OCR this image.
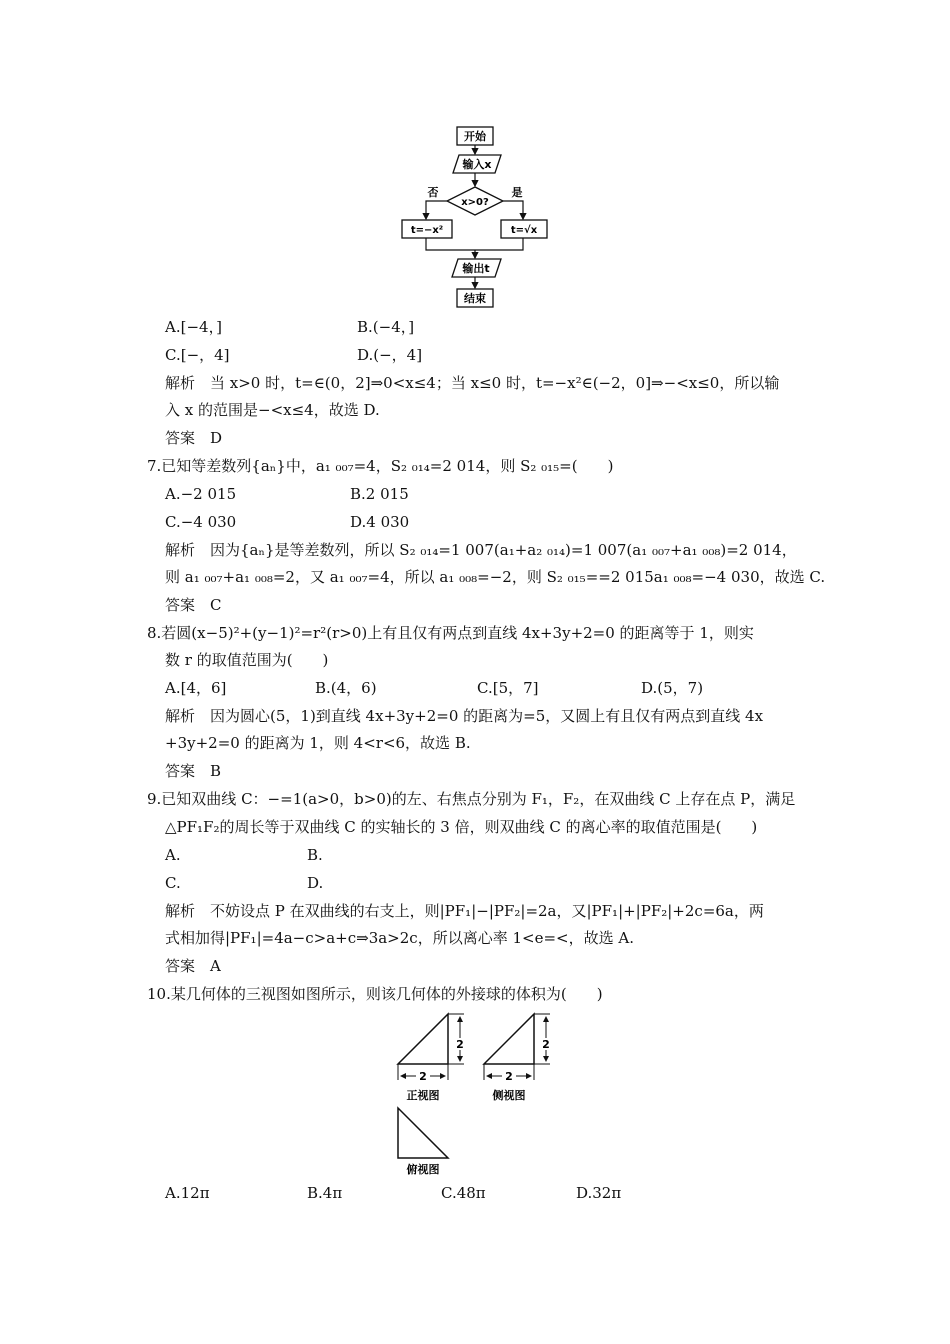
开始
输入x
x>0?
否	是
t=−x²	t=√x
输出t
结束
A.[−4，]	B.(−4，]
C.[−，4]	D.(−，4]
解析　当 x>0 时，t=∈(0，2]⇒0<x≤4；当 x≤0 时，t=−x²∈(−2，0]⇒−<x≤0，所以输
入 x 的范围是−<x≤4，故选 D.
答案　D
7.已知等差数列{aₙ}中，a₁ ₀₀₇=4，S₂ ₀₁₄=2 014，则 S₂ ₀₁₅=(　　)
A.−2 015	B.2 015
C.−4 030	D.4 030
解析　因为{aₙ}是等差数列，所以 S₂ ₀₁₄=1 007(a₁+a₂ ₀₁₄)=1 007(a₁ ₀₀₇+a₁ ₀₀₈)=2 014，
则 a₁ ₀₀₇+a₁ ₀₀₈=2，又 a₁ ₀₀₇=4，所以 a₁ ₀₀₈=−2，则 S₂ ₀₁₅==2 015a₁ ₀₀₈=−4 030，故选 C.
答案　C
8.若圆(x−5)²+(y−1)²=r²(r>0)上有且仅有两点到直线 4x+3y+2=0 的距离等于 1，则实
数 r 的取值范围为(　　)
A.[4，6]	B.(4，6)	C.[5，7]	D.(5，7)
解析　因为圆心(5，1)到直线 4x+3y+2=0 的距离为=5，又圆上有且仅有两点到直线 4x
+3y+2=0 的距离为 1，则 4<r<6，故选 B.
答案　B
9.已知双曲线 C：−=1(a>0，b>0)的左、右焦点分别为 F₁，F₂，在双曲线 C 上存在点 P，满足
△PF₁F₂的周长等于双曲线 C 的实轴长的 3 倍，则双曲线 C 的离心率的取值范围是(　　)
A.	B.
C.	D.
解析　不妨设点 P 在双曲线的右支上，则|PF₁|−|PF₂|=2a，又|PF₁|+|PF₂|+2c=6a，两
式相加得|PF₁|=4a−c>a+c⇒3a>2c，所以离心率 1<e=<，故选 A.
答案　A
10.某几何体的三视图如图所示，则该几何体的外接球的体积为(　　)
2
2
正视图
2
2
侧视图
俯视图
A.12π	B.4π	C.48π	D.32π
